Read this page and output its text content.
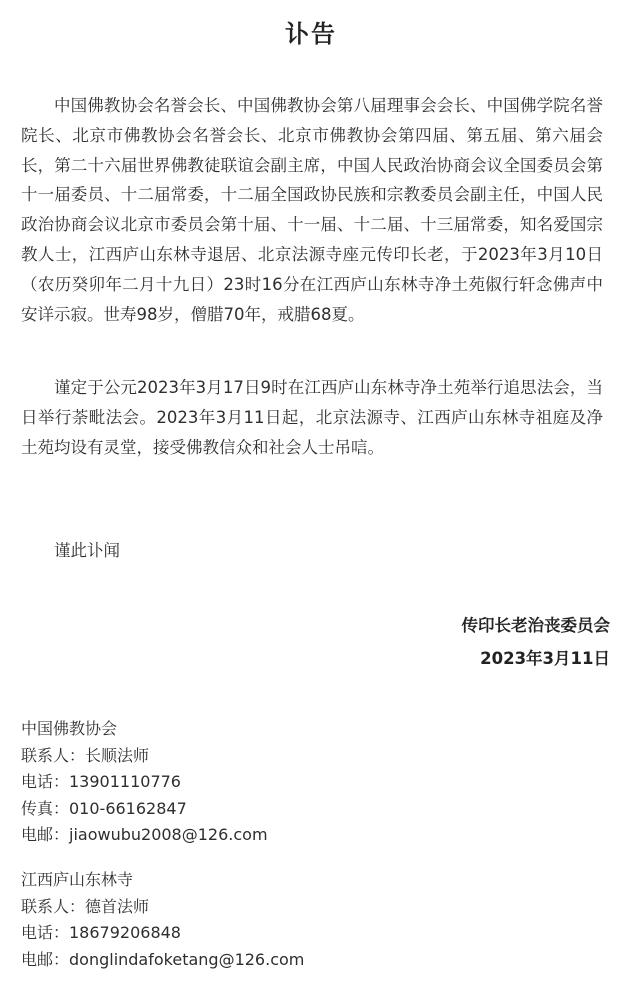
讣告

中国佛教协会名誉会长、中国佛教协会第八届理事会会长、中国佛学院名誉院长、北京市佛教协会名誉会长、北京市佛教协会第四届、第五届、第六届会长，第二十六届世界佛教徒联谊会副主席，中国人民政治协商会议全国委员会第十一届委员、十二届常委，十二届全国政协民族和宗教委员会副主任，中国人民政治协商会议北京市委员会第十届、十一届、十二届、十三届常委，知名爱国宗教人士，江西庐山东林寺退居、北京法源寺座元传印长老，于2023年3月10日（农历癸卯年二月十九日）23时16分在江西庐山东林寺净土苑俶行轩念佛声中安详示寂。世寿98岁，僧腊70年，戒腊68夏。

谨定于公元2023年3月17日9时在江西庐山东林寺净土苑举行追思法会，当日举行荼毗法会。2023年3月11日起，北京法源寺、江西庐山东林寺祖庭及净土苑均设有灵堂，接受佛教信众和社会人士吊唁。

谨此讣闻
传印长老治丧委员会
2023年3月11日
中国佛教协会
联系人：长顺法师
电话：13901110776
传真：010-66162847
电邮：jiaowubu2008@126.com
江西庐山东林寺
联系人：德首法师
电话：18679206848
电邮：donglindafoketang@126.com
